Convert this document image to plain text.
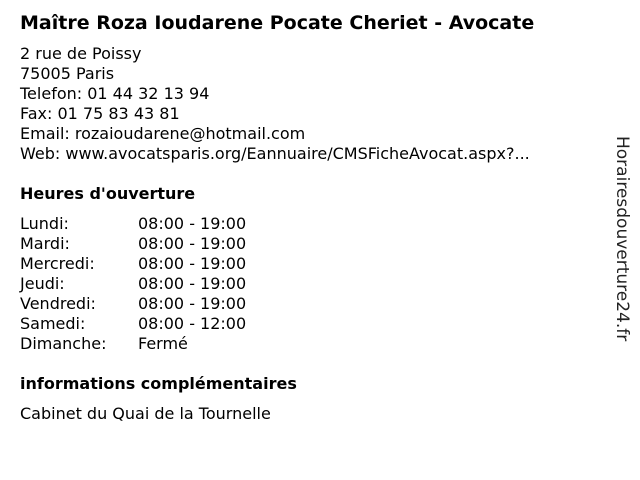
Maître Roza Ioudarene Pocate Cheriet - Avocate
2 rue de Poissy
75005 Paris
Telefon: 01 44 32 13 94
Fax: 01 75 83 43 81
Email: rozaioudarene@hotmail.com
Web: www.avocatsparis.org/Eannuaire/CMSFicheAvocat.aspx?...
Heures d'ouverture
Lundi:	08:00 - 19:00
Mardi:	08:00 - 19:00
Mercredi:	08:00 - 19:00
Jeudi:	08:00 - 19:00
Vendredi:	08:00 - 19:00
Samedi:	08:00 - 12:00
Dimanche:	Fermé
informations complémentaires
Cabinet du Quai de la Tournelle
Horairesdouverture24.fr
